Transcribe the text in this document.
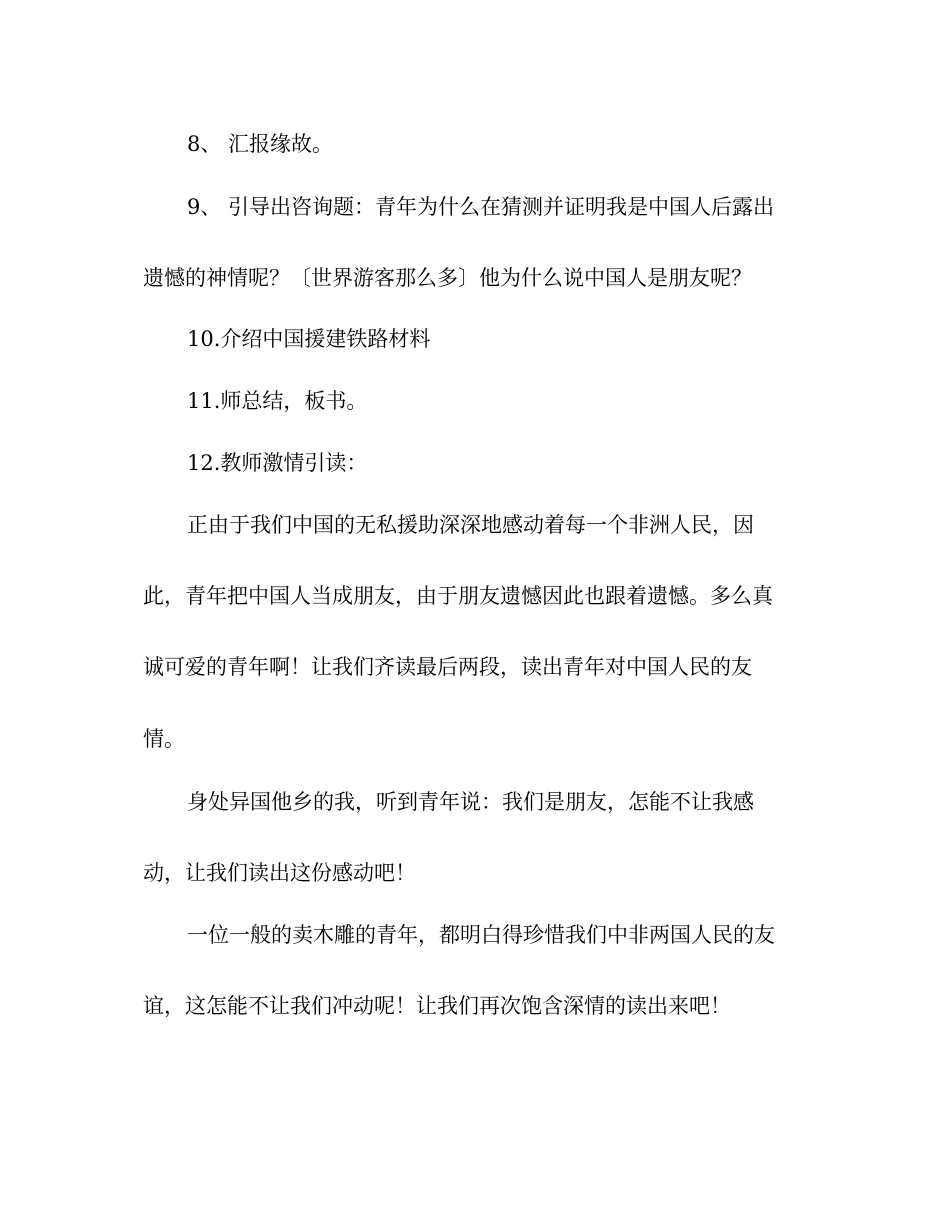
8、 汇报缘故。

9、 引导出咨询题：青年为什么在猜测并证明我是中国人后露出

遗憾的神情呢？〔世界游客那么多〕他为什么说中国人是朋友呢？

10.介绍中国援建铁路材料

11.师总结，板书。

12.教师激情引读：

正由于我们中国的无私援助深深地感动着每一个非洲人民，因

此，青年把中国人当成朋友，由于朋友遗憾因此也跟着遗憾。多么真

诚可爱的青年啊！让我们齐读最后两段，读出青年对中国人民的友

情。

身处异国他乡的我，听到青年说：我们是朋友，怎能不让我感

动，让我们读出这份感动吧！

一位一般的卖木雕的青年，都明白得珍惜我们中非两国人民的友

谊，这怎能不让我们冲动呢！让我们再次饱含深情的读出来吧！
